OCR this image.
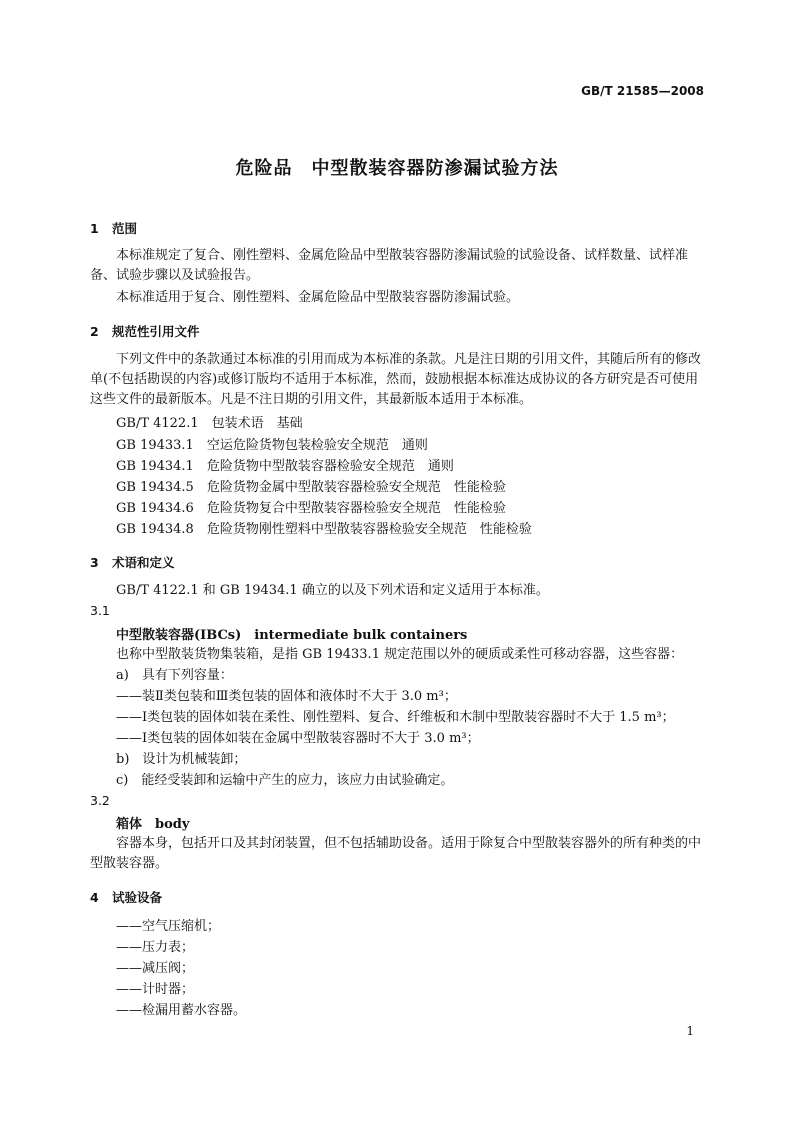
GB/T 21585—2008
危险品　中型散装容器防渗漏试验方法
1 范围
本标准规定了复合、刚性塑料、金属危险品中型散装容器防渗漏试验的试验设备、试样数量、试样准备、试验步骤以及试验报告。
本标准适用于复合、刚性塑料、金属危险品中型散装容器防渗漏试验。
2 规范性引用文件
下列文件中的条款通过本标准的引用而成为本标准的条款。凡是注日期的引用文件，其随后所有的修改单(不包括勘误的内容)或修订版均不适用于本标准，然而，鼓励根据本标准达成协议的各方研究是否可使用这些文件的最新版本。凡是不注日期的引用文件，其最新版本适用于本标准。
GB/T 4122.1　包装术语　基础
GB 19433.1　空运危险货物包装检验安全规范　通则
GB 19434.1　危险货物中型散装容器检验安全规范　通则
GB 19434.5　危险货物金属中型散装容器检验安全规范　性能检验
GB 19434.6　危险货物复合中型散装容器检验安全规范　性能检验
GB 19434.8　危险货物刚性塑料中型散装容器检验安全规范　性能检验
3 术语和定义
GB/T 4122.1 和 GB 19434.1 确立的以及下列术语和定义适用于本标准。
3.1
中型散装容器(IBCs)　intermediate bulk containers
也称中型散装货物集装箱，是指 GB 19433.1 规定范围以外的硬质或柔性可移动容器，这些容器：
a)　具有下列容量：
——装Ⅱ类包装和Ⅲ类包装的固体和液体时不大于 3.0 m³；
——Ⅰ类包装的固体如装在柔性、刚性塑料、复合、纤维板和木制中型散装容器时不大于 1.5 m³；
——Ⅰ类包装的固体如装在金属中型散装容器时不大于 3.0 m³；
b)　设计为机械装卸；
c)　能经受装卸和运输中产生的应力，该应力由试验确定。
3.2
箱体　body
容器本身，包括开口及其封闭装置，但不包括辅助设备。适用于除复合中型散装容器外的所有种类的中型散装容器。
4 试验设备
——空气压缩机；
——压力表；
——减压阀；
——计时器；
——检漏用蓄水容器。
1
